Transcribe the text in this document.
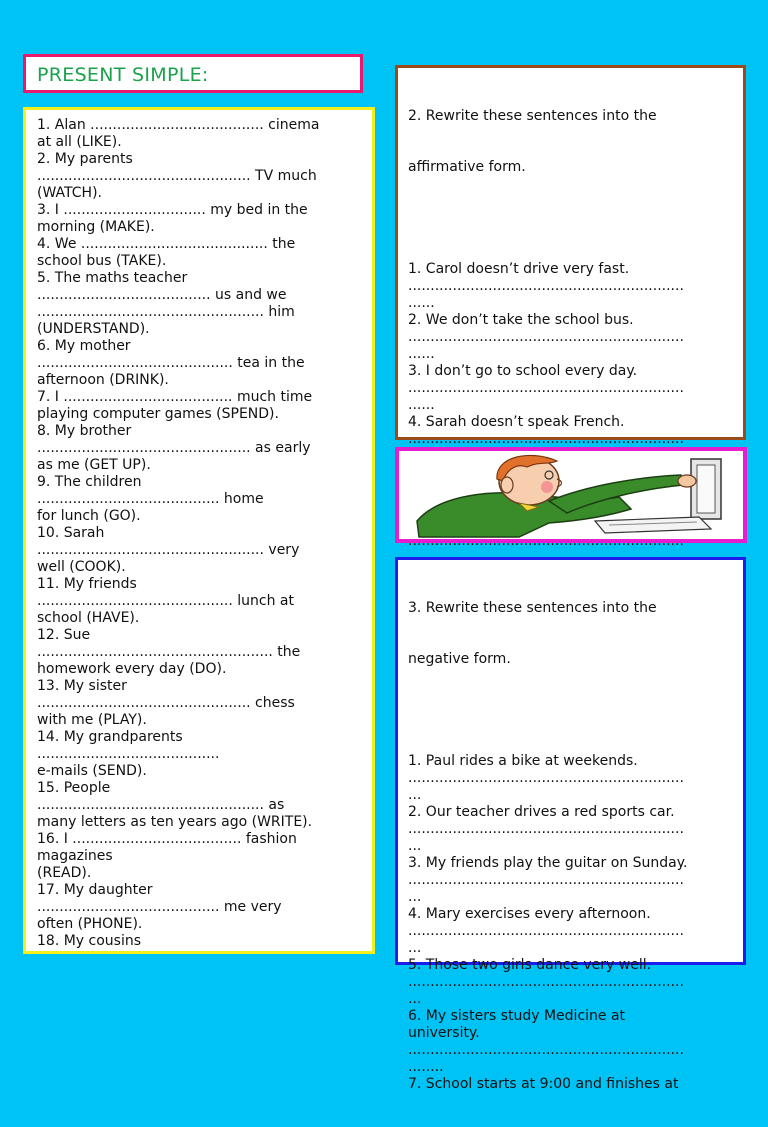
PRESENT SIMPLE:
1. Alan ....................................... cinema
at all (LIKE).
2. My parents
................................................ TV much
(WATCH).
3. I ................................ my bed in the
morning (MAKE).
4. We .......................................... the
school bus (TAKE).
5. The maths teacher
....................................... us and we
................................................... him
(UNDERSTAND).
6. My mother
............................................ tea in the
afternoon (DRINK).
7. I ...................................... much time
playing computer games (SPEND).
8. My brother
................................................ as early
as me (GET UP).
9. The children
......................................... home
for lunch (GO).
10. Sarah
................................................... very
well (COOK).
11. My friends
............................................ lunch at
school (HAVE).
12. Sue
..................................................... the
homework every day (DO).
13. My sister
................................................ chess
with me (PLAY).
14. My grandparents
.........................................
e-mails (SEND).
15. People
................................................... as
many letters as ten years ago (WRITE).
16. I ...................................... fashion
magazines
(READ).
17. My daughter
......................................... me very
often (PHONE).
18. My cousins

2. Rewrite these sentences into the

affirmative form.

1. Carol doesn’t drive very fast.
..............................................................
......
2. We don’t take the school bus.
..............................................................
......
3. I don’t go to school every day.
..............................................................
......
4. Sarah doesn’t speak French.
..............................................................

3. Rewrite these sentences into the

negative form.

1. Paul rides a bike at weekends.
..............................................................
...
2. Our teacher drives a red sports car.
..............................................................
...
3. My friends play the guitar on Sunday.
..............................................................
...
4. Mary exercises every afternoon.
..............................................................
...
5. Those two girls dance very well.
..............................................................
...
6. My sisters study Medicine at
university.
..............................................................
........
7. School starts at 9:00 and finishes at
